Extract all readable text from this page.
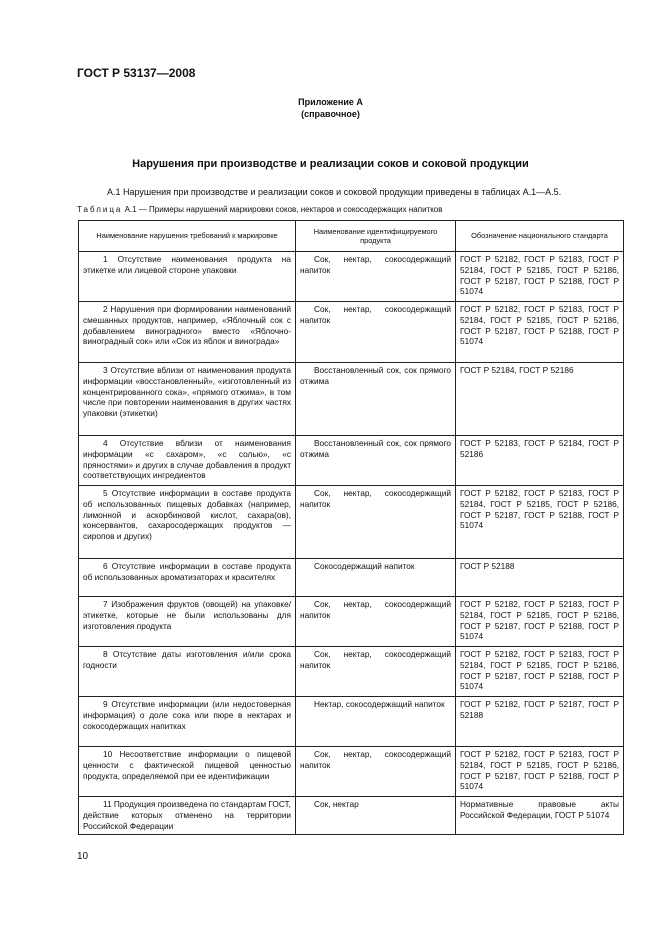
ГОСТ Р 53137—2008
Приложение А
(справочное)
Нарушения при производстве и реализации соков и соковой продукции
А.1 Нарушения при производстве и реализации соков и соковой продукции приведены в таблицах А.1—А.5.
Таблица А.1 — Примеры нарушений маркировки соков, нектаров и сокосодержащих напитков
Наименование нарушения требований к маркировке	Наименование идентифицируемого продукта	Обозначение национального стандарта
1 Отсутствие наименования продукта на этикетке или лицевой стороне упаковки	Сок, нектар, сокосодержащий напиток	ГОСТ Р 52182, ГОСТ Р 52183, ГОСТ Р 52184, ГОСТ Р 52185, ГОСТ Р 52186, ГОСТ Р 52187, ГОСТ Р 52188, ГОСТ Р 51074
2 Нарушения при формировании наименований смешанных продуктов, например, «Яблочный сок с добавлением виноградного» вместо «Яблочно-виноградный сок» или «Сок из яблок и винограда»	Сок, нектар, сокосодержащий напиток	ГОСТ Р 52182, ГОСТ Р 52183, ГОСТ Р 52184, ГОСТ Р 52185, ГОСТ Р 52186, ГОСТ Р 52187, ГОСТ Р 52188, ГОСТ Р 51074
3 Отсутствие вблизи от наименования продукта информации «восстановленный», «изготовленный из концентрированного сока», «прямого отжима», в том числе при повторении наименования в других частях упаковки (этикетки)	Восстановленный сок, сок прямого отжима	ГОСТ Р 52184, ГОСТ Р 52186
4 Отсутствие вблизи от наименования информации «с сахаром», «с солью», «с пряностями» и других в случае добавления в продукт соответствующих ингредиентов	Восстановленный сок, сок прямого отжима	ГОСТ Р 52183, ГОСТ Р 52184, ГОСТ Р 52186
5 Отсутствие информации в составе продукта об использованных пищевых добавках (например, лимонной и аскорбиновой кислот, сахара(ов), консервантов, сахаросодержащих продуктов — сиропов и других)	Сок, нектар, сокосодержащий напиток	ГОСТ Р 52182, ГОСТ Р 52183, ГОСТ Р 52184, ГОСТ Р 52185, ГОСТ Р 52186, ГОСТ Р 52187, ГОСТ Р 52188, ГОСТ Р 51074
6 Отсутствие информации в составе продукта об использованных ароматизаторах и красителях	Сокосодержащий напиток	ГОСТ Р 52188
7 Изображения фруктов (овощей) на упаковке/этикетке, которые не были использованы для изготовления продукта	Сок, нектар, сокосодержащий напиток	ГОСТ Р 52182, ГОСТ Р 52183, ГОСТ Р 52184, ГОСТ Р 52185, ГОСТ Р 52186, ГОСТ Р 52187, ГОСТ Р 52188, ГОСТ Р 51074
8 Отсутствие даты изготовления и/или срока годности	Сок, нектар, сокосодержащий напиток	ГОСТ Р 52182, ГОСТ Р 52183, ГОСТ Р 52184, ГОСТ Р 52185, ГОСТ Р 52186, ГОСТ Р 52187, ГОСТ Р 52188, ГОСТ Р 51074
9 Отсутствие информации (или недостоверная информация) о доле сока или пюре в нектарах и сокосодержащих напитках	Нектар, сокосодержащий напиток	ГОСТ Р 52182, ГОСТ Р 52187, ГОСТ Р 52188
10 Несоответствие информации о пищевой ценности с фактической пищевой ценностью продукта, определяемой при ее идентификации	Сок, нектар, сокосодержащий напиток	ГОСТ Р 52182, ГОСТ Р 52183, ГОСТ Р 52184, ГОСТ Р 52185, ГОСТ Р 52186, ГОСТ Р 52187, ГОСТ Р 52188, ГОСТ Р 51074
11 Продукция произведена по стандартам ГОСТ, действие которых отменено на территории Российской Федерации	Сок, нектар	Нормативные правовые акты Российской Федерации, ГОСТ Р 51074
10
